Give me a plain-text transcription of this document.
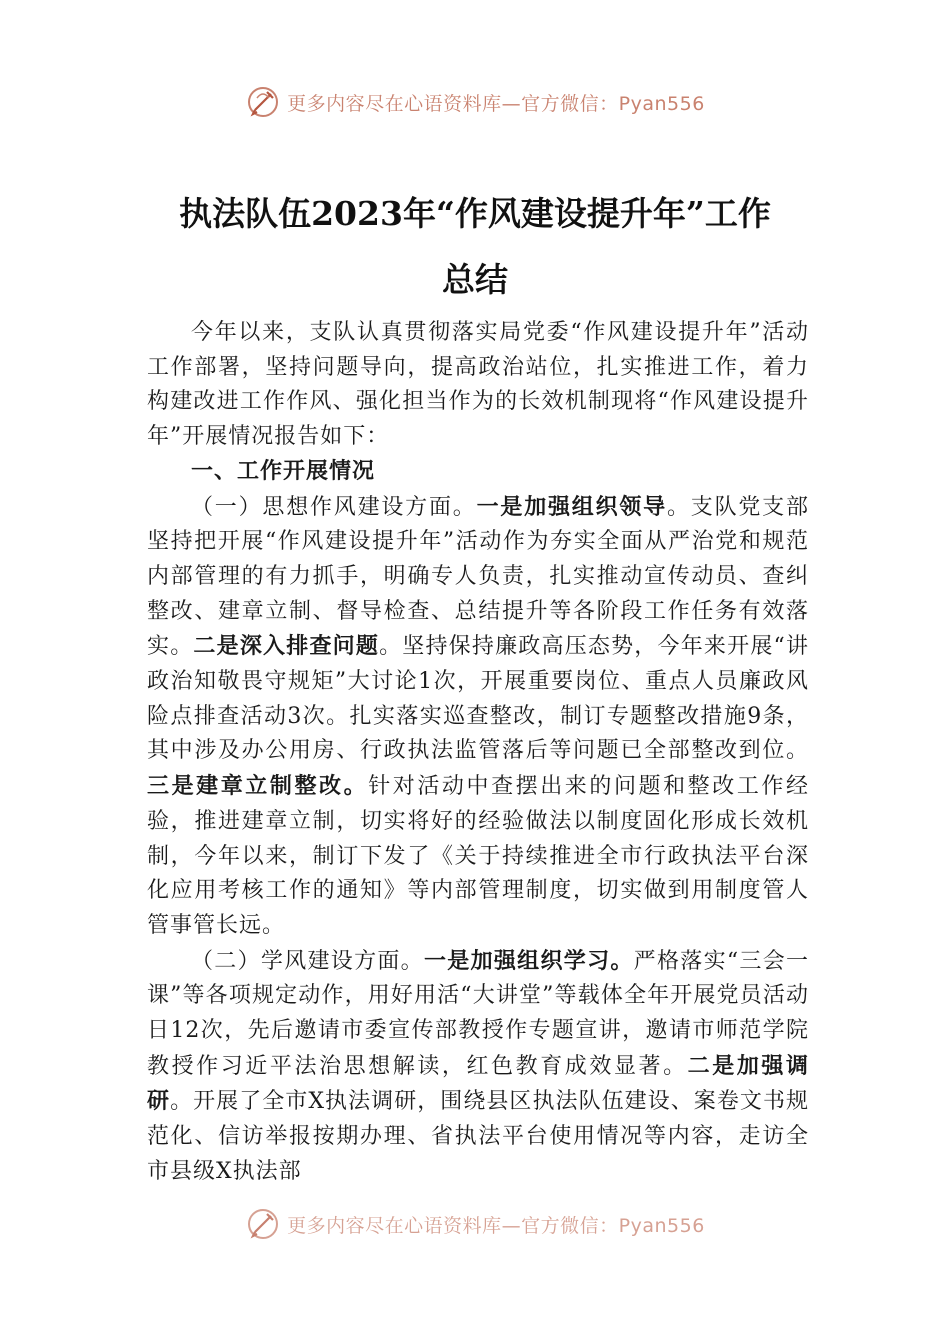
更多内容尽在心语资料库—官方微信：Pyan556
执法队伍2023年“作风建设提升年”工作
总结

今年以来，支队认真贯彻落实局党委“作风建设提升年”活动工作部署，坚持问题导向，提高政治站位，扎实推进工作，着力构建改进工作作风、强化担当作为的长效机制现将“作风建设提升年”开展情况报告如下：

一、工作开展情况

（一）思想作风建设方面。一是加强组织领导。支队党支部坚持把开展“作风建设提升年”活动作为夯实全面从严治党和规范内部管理的有力抓手，明确专人负责，扎实推动宣传动员、查纠整改、建章立制、督导检查、总结提升等各阶段工作任务有效落实。二是深入排查问题。坚持保持廉政高压态势，今年来开展“讲政治知敬畏守规矩”大讨论1次，开展重要岗位、重点人员廉政风险点排查活动3次。扎实落实巡查整改，制订专题整改措施9条，其中涉及办公用房、行政执法监管落后等问题已全部整改到位。三是建章立制整改。针对活动中查摆出来的问题和整改工作经验，推进建章立制，切实将好的经验做法以制度固化形成长效机制，今年以来，制订下发了《关于持续推进全市行政执法平台深化应用考核工作的通知》等内部管理制度，切实做到用制度管人管事管长远。

（二）学风建设方面。一是加强组织学习。严格落实“三会一课”等各项规定动作，用好用活“大讲堂”等载体全年开展党员活动日12次，先后邀请市委宣传部教授作专题宣讲，邀请市师范学院教授作习近平法治思想解读，红色教育成效显著。二是加强调研。开展了全市X执法调研，围绕县区执法队伍建设、案卷文书规范化、信访举报按期办理、省执法平台使用情况等内容，走访全市县级X执法部

更多内容尽在心语资料库—官方微信：Pyan556
